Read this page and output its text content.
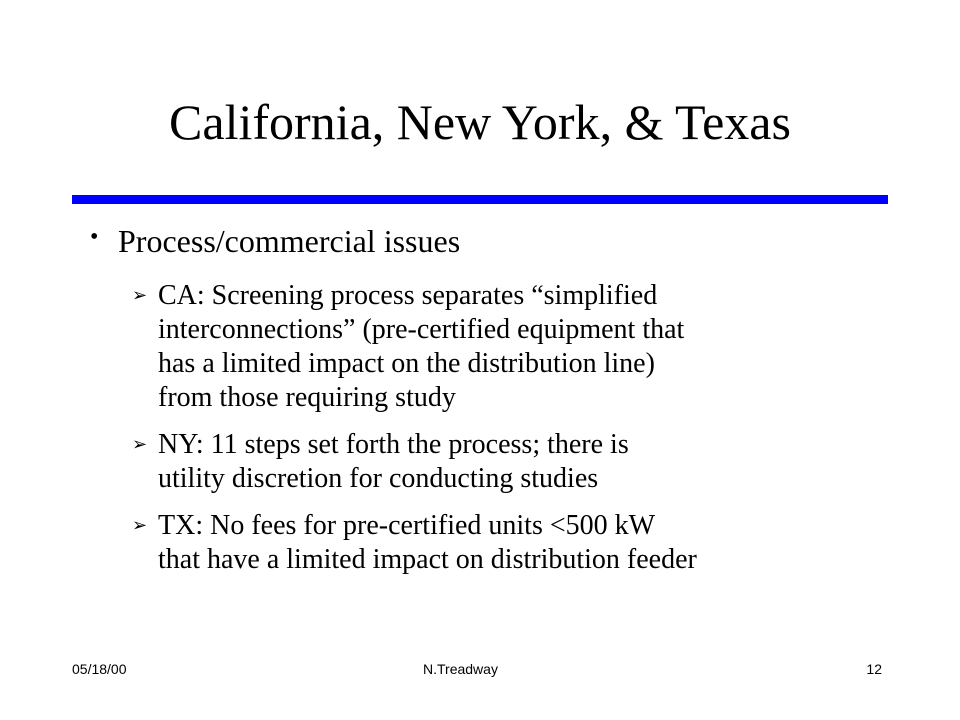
California, New York, & Texas
• Process/commercial issues
➢ CA: Screening process separates “simplified
interconnections” (pre-certified equipment that
has a limited impact on the distribution line)
from those requiring study
➢ NY: 11 steps set forth the process; there is
utility discretion for conducting studies
➢ TX: No fees for pre-certified units <500 kW
that have a limited impact on distribution feeder
05/18/00	N.Treadway	12
